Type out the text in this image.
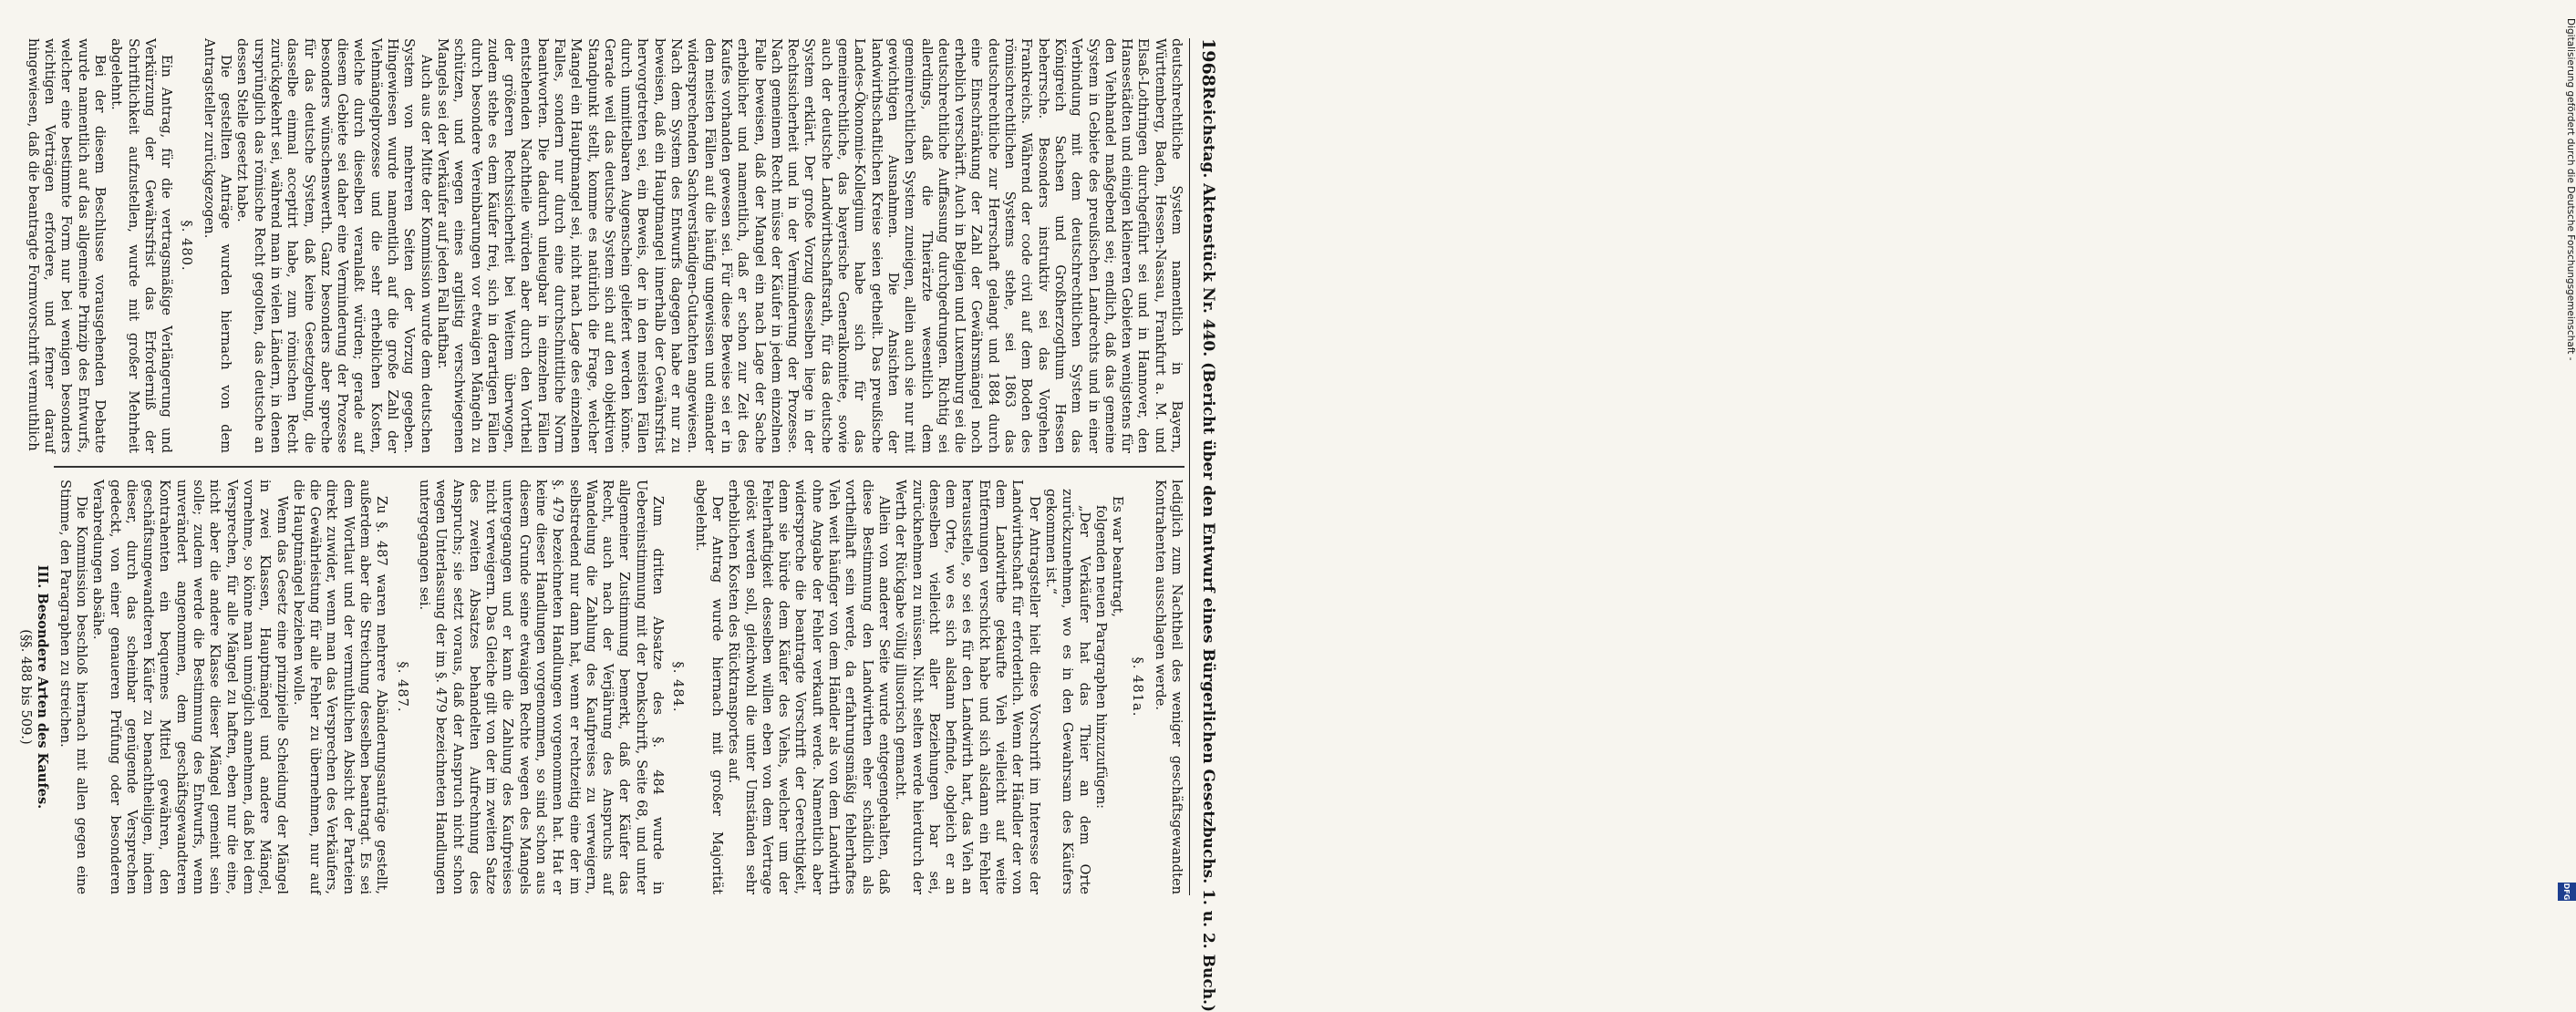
1968
Reichstag. Aktenstück Nr. 440. (Bericht über den Entwurf eines Bürgerlichen Gesetzbuchs. 1. u. 2. Buch.)

deutschrechtliche System namentlich in Bayern, Württemberg, Baden, Hessen-Nassau, Frankfurt a. M. und Elsaß-Lothringen durchgeführt sei und in Hannover, den Hansestädten und einigen kleineren Gebieten wenigstens für den Viehhandel maßgebend sei; endlich, daß das gemeine System in Gebiete des preußischen Landrechts und in einer Verbindung mit dem deutschrechtlichen System das Königreich Sachsen und Großherzogthum Hessen beherrsche. Besonders instruktiv sei das Vorgehen Frankreichs. Während der code civil auf dem Boden des römischrechtlichen Systems stehe, sei 1863 das deutschrechtliche zur Herrschaft gelangt und 1884 durch eine Einschränkung der Zahl der Gewährsmängel noch erheblich verschärft. Auch in Belgien und Luxemburg sei die deutschrechtliche Auffassung durchgedrungen. Richtig sei allerdings, daß die Thierärzte wesentlich dem gemeinrechtlichen System zuneigen, allein auch sie nur mit gewichtigen Ausnahmen. Die Ansichten der landwirthschaftlichen Kreise seien getheilt. Das preußische Landes-Ökonomie-Kollegium habe sich für das gemeinrechtliche, das bayerische Generalkomitee, sowie auch der deutsche Landwirthschaftsrath, für das deutsche System erklärt. Der große Vorzug desselben liege in der Rechtssicherheit und in der Verminderung der Prozesse. Nach gemeinem Recht müsse der Käufer in jedem einzelnen Falle beweisen, daß der Mangel ein nach Lage der Sache erheblicher und namentlich, daß er schon zur Zeit des Kaufes vorhanden gewesen sei. Für diese Beweise sei er in den meisten Fällen auf die häufig ungewissen und einander widersprechenden Sachverständigen-Gutachten angewiesen. Nach dem System des Entwurfs dagegen habe er nur zu beweisen, daß ein Hauptmangel innerhalb der Gewährsfrist hervorgetreten sei, ein Beweis, der in den meisten Fällen durch unmittelbaren Augenschein geliefert werden könne. Gerade weil das deutsche System sich auf den objektiven Standpunkt stellt, komme es natürlich die Frage, welcher Mangel ein Hauptmangel sei, nicht nach Lage des einzelnen Falles, sondern nur durch eine durchschnittliche Norm beantworten. Die dadurch unleugbar in einzelnen Fällen entstehenden Nachtheile würden aber durch den Vortheil der größeren Rechtssicherheit bei Weitem überwogen, zudem stehe es dem Käufer frei, sich in derartigen Fällen durch besondere Vereinbarungen vor etwaigen Mängeln zu schützen, und wegen eines arglistig verschwiegenen Mangels sei der Verkäufer auf jeden Fall haftbar.

Auch aus der Mitte der Kommission wurde dem deutschen System von mehreren Seiten der Vorzug gegeben. Hingewiesen wurde namentlich auf die große Zahl der Viehmängelprozesse und die sehr erheblichen Kosten, welche durch dieselben veranlaßt würden; gerade auf diesem Gebiete sei daher eine Verminderung der Prozesse besonders wünschenswerth. Ganz besonders aber spreche für das deutsche System, daß keine Gesetzgebung, die dasselbe einmal acceptirt habe, zum römischen Recht zurückgekehrt sei, während man in vielen Ländern, in denen ursprünglich das römische Recht gegolten, das deutsche an dessen Stelle gesetzt habe.

Die gestellten Anträge wurden hiernach von dem Antragsteller zurückgezogen.

§. 480.

Ein Antrag, für die vertragsmäßige Verlängerung und Verkürzung der Gewährsfrist das Erforderniß der Schriftlichkeit aufzustellen, wurde mit großer Mehrheit abgelehnt.

Bei der diesem Beschlusse vorausgehenden Debatte wurde namentlich auf das allgemeine Prinzip des Entwurfs, welcher eine bestimmte Form nur bei wenigen besonders wichtigen Verträgen erfordere, und ferner darauf hingewiesen, daß die beantragte Formvorschrift vermuthlich

lediglich zum Nachtheil des weniger geschäftsgewandten Kontrahenten ausschlagen werde.

§. 481a.

Es war beantragt,

folgenden neuen Paragraphen hinzuzufügen:

„Der Verkäufer hat das Thier an dem Orte zurückzunehmen, wo es in den Gewahrsam des Käufers gekommen ist.“

Der Antragsteller hielt diese Vorschrift im Interesse der Landwirthschaft für erforderlich. Wenn der Händler der von dem Landwirthe gekaufte Vieh vielleicht auf weite Entfernungen verschickt habe und sich alsdann ein Fehler herausstelle, so sei es für den Landwirth hart, das Vieh an dem Orte, wo es sich alsdann befinde, obgleich er an denselben vielleicht aller Beziehungen bar sei, zurücknehmen zu müssen. Nicht selten werde hierdurch der Werth der Rückgabe völlig illusorisch gemacht.

Allein von anderer Seite wurde entgegengehalten, daß diese Bestimmung den Landwirthen eher schädlich als vortheilhaft sein werde, da erfahrungsmäßig fehlerhaftes Vieh weit häufiger von dem Händler als von dem Landwirth ohne Angabe der Fehler verkauft werde. Namentlich aber widerspreche die beantragte Vorschrift der Gerechtigkeit, denn sie bürde dem Käufer des Viehs, welcher um der Fehlerhaftigkeit desselben willen eben von dem Vertrage gelöst werden soll, gleichwohl die unter Umständen sehr erheblichen Kosten des Rücktransportes auf.

Der Antrag wurde hiernach mit großer Majorität abgelehnt.

§. 484.

Zum dritten Absatze des §. 484 wurde in Uebereinstimmung mit der Denkschrift, Seite 68, und unter allgemeiner Zustimmung bemerkt, daß der Käufer das Recht, auch nach der Verjährung des Anspruchs auf Wandelung die Zahlung des Kaufpreises zu verweigern, selbstredend nur dann hat, wenn er rechtzeitig eine der im §. 479 bezeichneten Handlungen vorgenommen hat. Hat er keine dieser Handlungen vorgenommen, so sind schon aus diesem Grunde seine etwaigen Rechte wegen des Mangels untergegangen und er kann die Zahlung des Kaufpreises nicht verweigern. Das Gleiche gilt von der im zweiten Satze des zweiten Absatzes behandelten Aufrechnung des Anspruchs; sie setzt voraus, daß der Anspruch nicht schon wegen Unterlassung der im §. 479 bezeichneten Handlungen untergegangen sei.

§. 487.

Zu §. 487 waren mehrere Abänderungsanträge gestellt, außerdem aber die Streichung desselben beantragt. Es sei dem Wortlaut und der vermuthlichen Absicht der Parteien direkt zuwider, wenn man das Versprechen des Verkäufers, die Gewährleistung für alle Fehler zu übernehmen, nur auf die Hauptmängel beziehen wolle.

Wenn das Gesetz eine prinzipielle Scheidung der Mängel in zwei Klassen, Hauptmängel und andere Mängel, vornehme, so könne man unmöglich annehmen, daß bei dem Versprechen, für alle Mängel zu haften, eben nur die eine, nicht aber die andere Klasse dieser Mängel gemeint sein solle; zudem werde die Bestimmung des Entwurfs, wenn unverändert angenommen, dem geschäftsgewandteren Kontrahenten ein bequemes Mittel gewähren, den geschäftsungewandteren Käufer zu benachtheiligen, indem dieser, durch das scheinbar genügende Versprechen gedeckt, von einer genaueren Prüfung oder besonderen Verabredungen absähe.

Die Kommission beschloß hiernach mit allen gegen eine Stimme, den Paragraphen zu streichen.

III. Besondere Arten des Kaufes.
(§§. 488 bis 509.)
Digitalisierung gefördert durch die Deutsche Forschungsgemeinschaft -
DFG
